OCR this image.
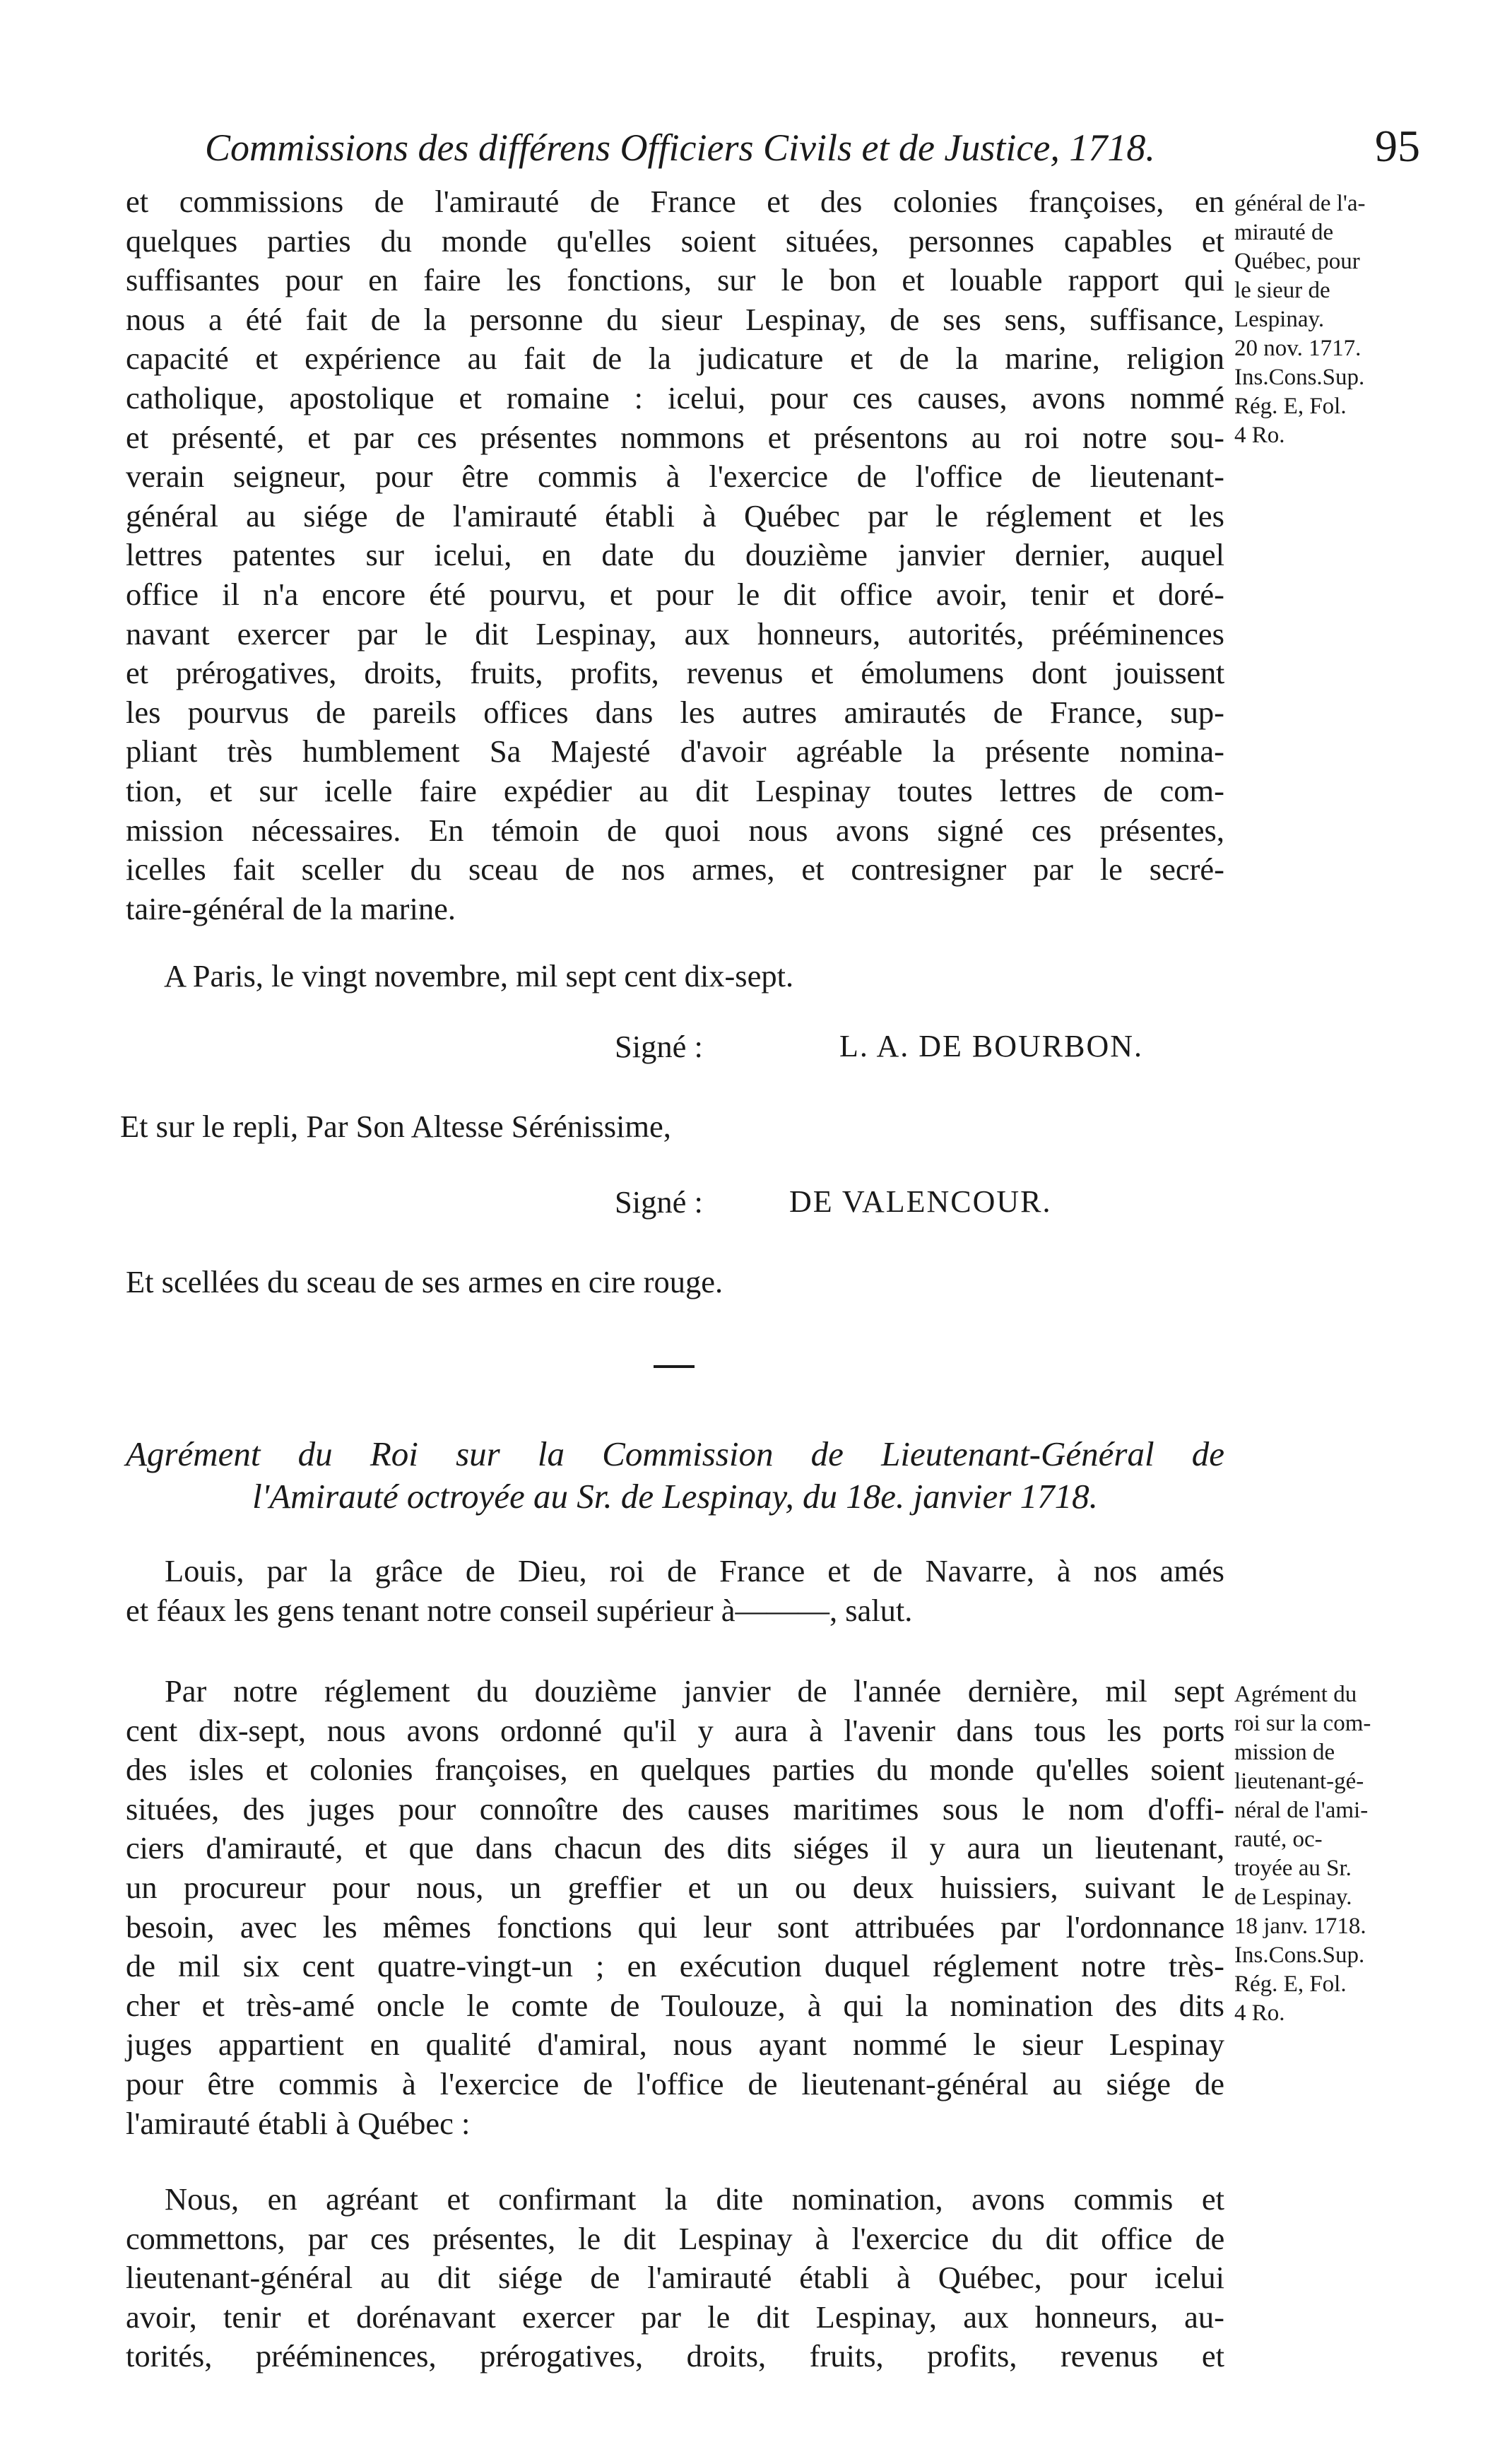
Commissions des différens Officiers Civils et de Justice, 1718.	95
et commissions de l'amirauté de France et des colonies françoises, en
quelques parties du monde qu'elles soient situées, personnes capables et
suffisantes pour en faire les fonctions, sur le bon et louable rapport qui
nous a été fait de la personne du sieur Lespinay, de ses sens, suffisance,
capacité et expérience au fait de la judicature et de la marine, religion
catholique, apostolique et romaine : icelui, pour ces causes, avons nommé
et présenté, et par ces présentes nommons et présentons au roi notre sou-
verain seigneur, pour être commis à l'exercice de l'office de lieutenant-
général au siége de l'amirauté établi à Québec par le réglement et les
lettres patentes sur icelui, en date du douzième janvier dernier, auquel
office il n'a encore été pourvu, et pour le dit office avoir, tenir et doré-
navant exercer par le dit Lespinay, aux honneurs, autorités, prééminences
et prérogatives, droits, fruits, profits, revenus et émolumens dont jouissent
les pourvus de pareils offices dans les autres amirautés de France, sup-
pliant très humblement Sa Majesté d'avoir agréable la présente nomina-
tion, et sur icelle faire expédier au dit Lespinay toutes lettres de com-
mission nécessaires. En témoin de quoi nous avons signé ces présentes,
icelles fait sceller du sceau de nos armes, et contresigner par le secré-
taire-général de la marine.
général de l'a-
mirauté de
Québec, pour
le sieur de
Lespinay.
20 nov. 1717.
Ins.Cons.Sup.
Rég. E, Fol.
4 Ro.
A Paris, le vingt novembre, mil sept cent dix-sept.
Signé :	L. A. DE BOURBON.
Et sur le repli, Par Son Altesse Sérénissime,
Signé :	DE VALENCOUR.
Et scellées du sceau de ses armes en cire rouge.
Agrément du Roi sur la Commission de Lieutenant-Général de
l'Amirauté octroyée au Sr. de Lespinay, du 18e. janvier 1718.
Louis, par la grâce de Dieu, roi de France et de Navarre, à nos amés
et féaux les gens tenant notre conseil supérieur à———, salut.
Par notre réglement du douzième janvier de l'année dernière, mil sept
cent dix-sept, nous avons ordonné qu'il y aura à l'avenir dans tous les ports
des isles et colonies françoises, en quelques parties du monde qu'elles soient
situées, des juges pour connoître des causes maritimes sous le nom d'offi-
ciers d'amirauté, et que dans chacun des dits siéges il y aura un lieutenant,
un procureur pour nous, un greffier et un ou deux huissiers, suivant le
besoin, avec les mêmes fonctions qui leur sont attribuées par l'ordonnance
de mil six cent quatre-vingt-un ; en exécution duquel réglement notre très-
cher et très-amé oncle le comte de Toulouze, à qui la nomination des dits
juges appartient en qualité d'amiral, nous ayant nommé le sieur Lespinay
pour être commis à l'exercice de l'office de lieutenant-général au siége de
l'amirauté établi à Québec :
Agrément du
roi sur la com-
mission de
lieutenant-gé-
néral de l'ami-
rauté, oc-
troyée au Sr.
de Lespinay.
18 janv. 1718.
Ins.Cons.Sup.
Rég. E, Fol.
4 Ro.
Nous, en agréant et confirmant la dite nomination, avons commis et
commettons, par ces présentes, le dit Lespinay à l'exercice du dit office de
lieutenant-général au dit siége de l'amirauté établi à Québec, pour icelui
avoir, tenir et dorénavant exercer par le dit Lespinay, aux honneurs, au-
torités, prééminences, prérogatives, droits, fruits, profits, revenus et
